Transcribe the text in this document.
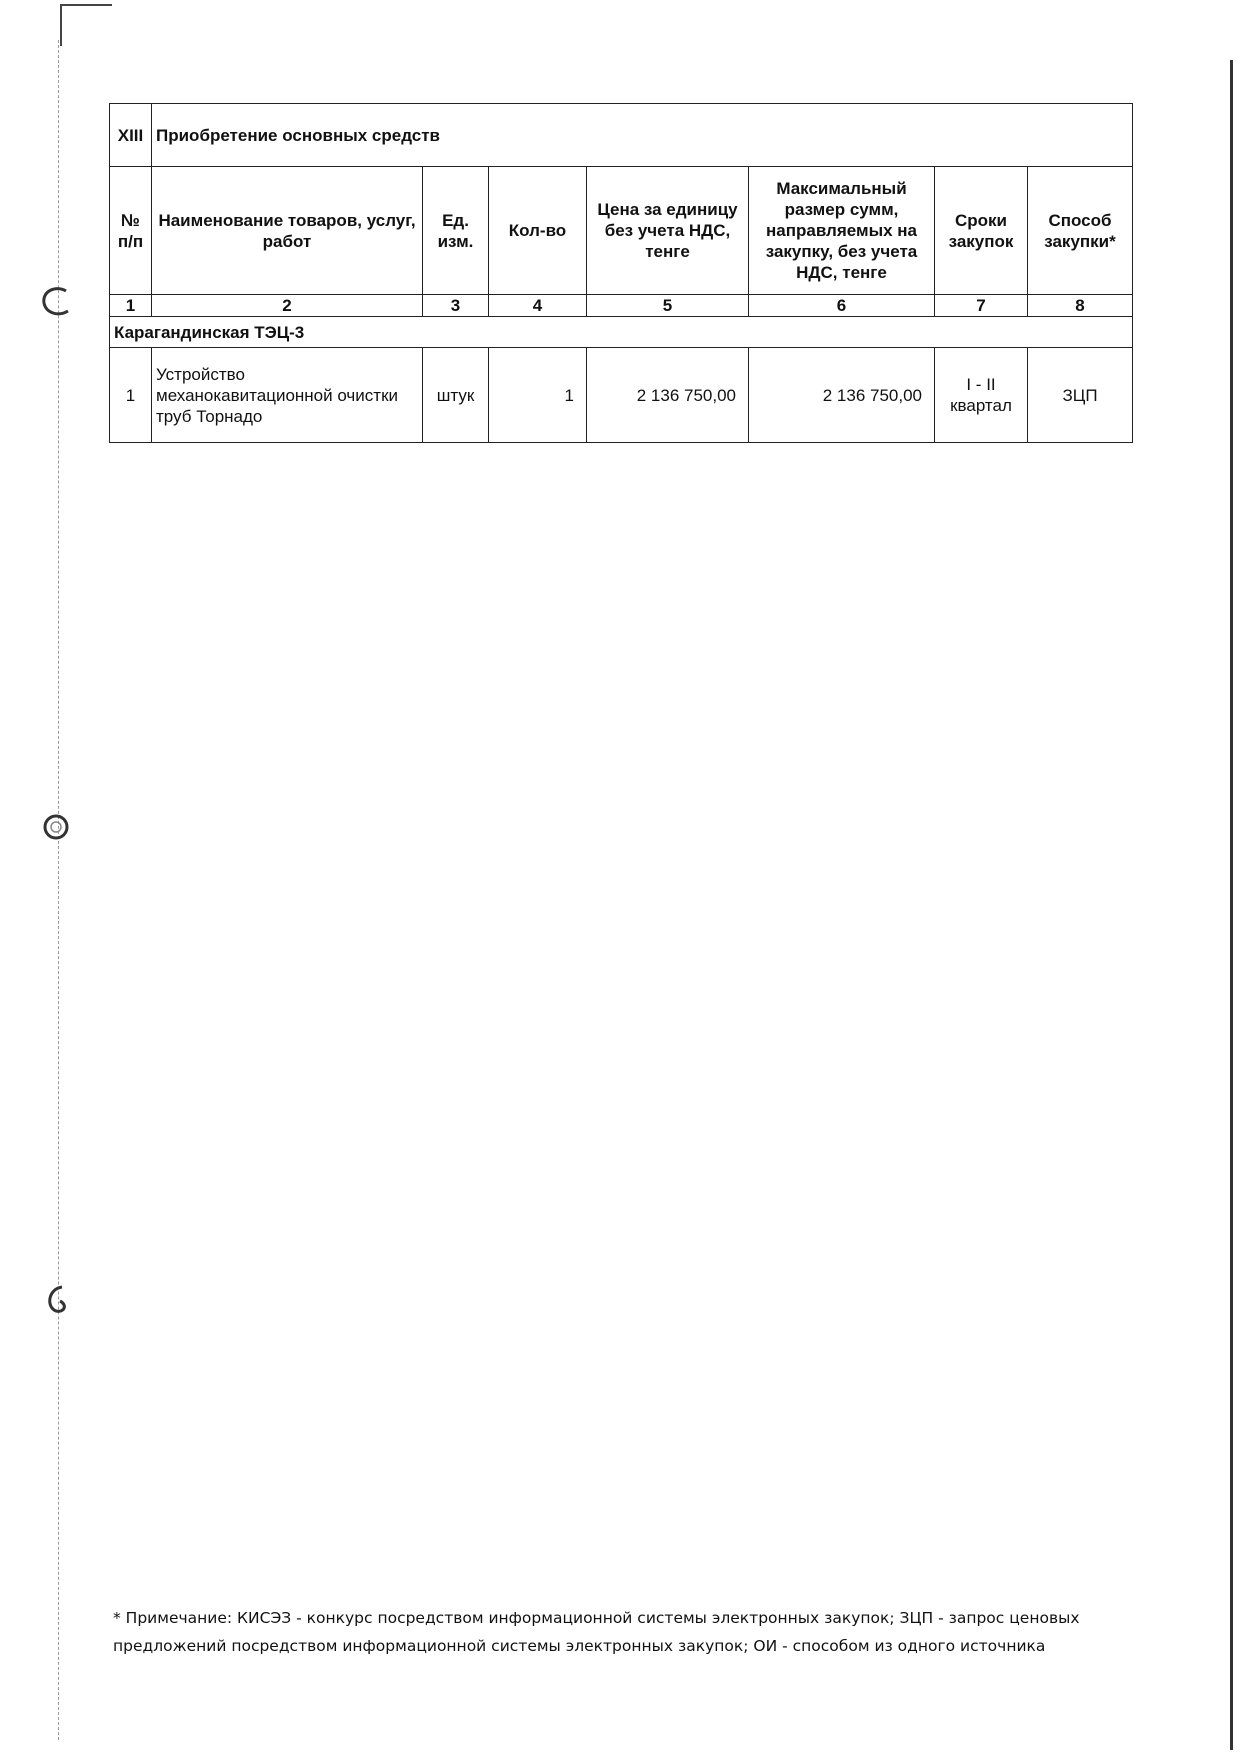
XIII	Приобретение основных средств						
№ п/п	Наименование товаров, услуг, работ	Ед. изм.	Кол-во	Цена за единицу без учета НДС, тенге	Максимальный размер сумм, направляемых на закупку, без учета НДС, тенге	Сроки закупок	Способ закупки*
1	2	3	4	5	6	7	8
Карагандинская ТЭЦ-3							
1	Устройство механокавитационной очистки труб Торнадо	штук	1	2 136 750,00	2 136 750,00	I - II квартал	ЗЦП
* Примечание: КИСЭЗ - конкурс посредством информационной системы электронных закупок; ЗЦП - запрос ценовых предложений посредством информационной системы электронных закупок; ОИ - способом из одного источника
